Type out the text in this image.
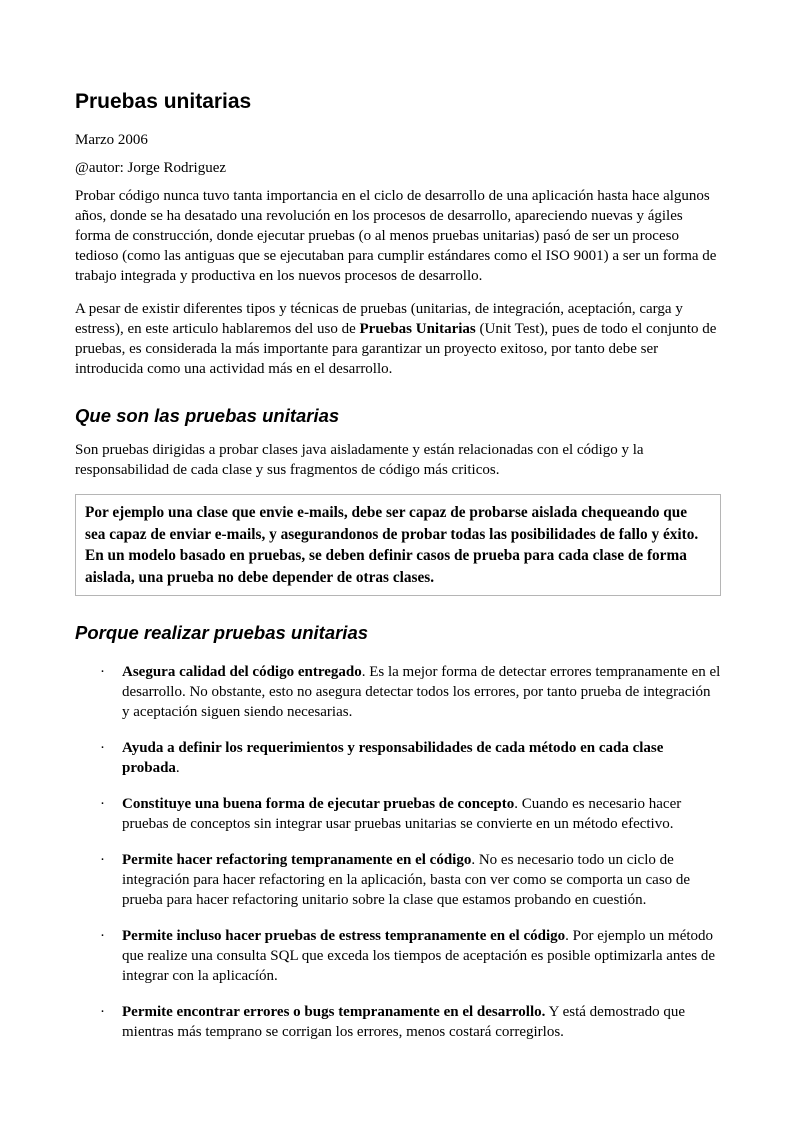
Pruebas unitarias

Marzo 2006

@autor: Jorge Rodriguez

Probar código nunca tuvo tanta importancia en el ciclo de desarrollo de una aplicación hasta hace algunos años, donde se ha desatado una revolución en los procesos de desarrollo, apareciendo nuevas y ágiles forma de construcción, donde ejecutar pruebas (o al menos pruebas unitarias) pasó de ser un proceso tedioso (como las antiguas que se ejecutaban para cumplir estándares como el ISO 9001) a ser un forma de trabajo integrada y productiva en los nuevos procesos de desarrollo.

A pesar de existir diferentes tipos y técnicas de pruebas (unitarias, de integración, aceptación, carga y estress), en este articulo hablaremos del uso de Pruebas Unitarias (Unit Test), pues de todo el conjunto de pruebas, es considerada la más importante para garantizar un proyecto exitoso, por tanto debe ser introducida como una actividad más en el desarrollo.

Que son las pruebas unitarias

Son pruebas dirigidas a probar clases java aisladamente y están relacionadas con el código y la responsabilidad de cada clase y sus fragmentos de código más criticos.

Por ejemplo una clase que envie e-mails, debe ser capaz de probarse aislada chequeando que sea capaz de enviar e-mails, y asegurandonos de probar todas las posibilidades de fallo y éxito. En un modelo basado en pruebas, se deben definir casos de prueba para cada clase de forma aislada, una prueba no debe depender de otras clases.
Porque realizar pruebas unitarias
·	Asegura calidad del código entregado. Es la mejor forma de detectar errores tempranamente en el desarrollo. No obstante, esto no asegura detectar todos los errores, por tanto prueba de integración y aceptación siguen siendo necesarias.
·	Ayuda a definir los requerimientos y responsabilidades de cada método en cada clase probada.
·	Constituye una buena forma de ejecutar pruebas de concepto. Cuando es necesario hacer pruebas de conceptos sin integrar usar pruebas unitarias se convierte en un método efectivo.
·	Permite hacer refactoring tempranamente en el código. No es necesario todo un ciclo de integración para hacer refactoring en la aplicación, basta con ver como se comporta un caso de prueba para hacer refactoring unitario sobre la clase que estamos probando en cuestión.
·	Permite incluso hacer pruebas de estress tempranamente en el código. Por ejemplo un método que realize una consulta SQL que exceda los tiempos de aceptación es posible optimizarla antes de integrar con la aplicacíón.
·	Permite encontrar errores o bugs tempranamente en el desarrollo. Y está demostrado que mientras más temprano se corrigan los errores, menos costará corregirlos.
